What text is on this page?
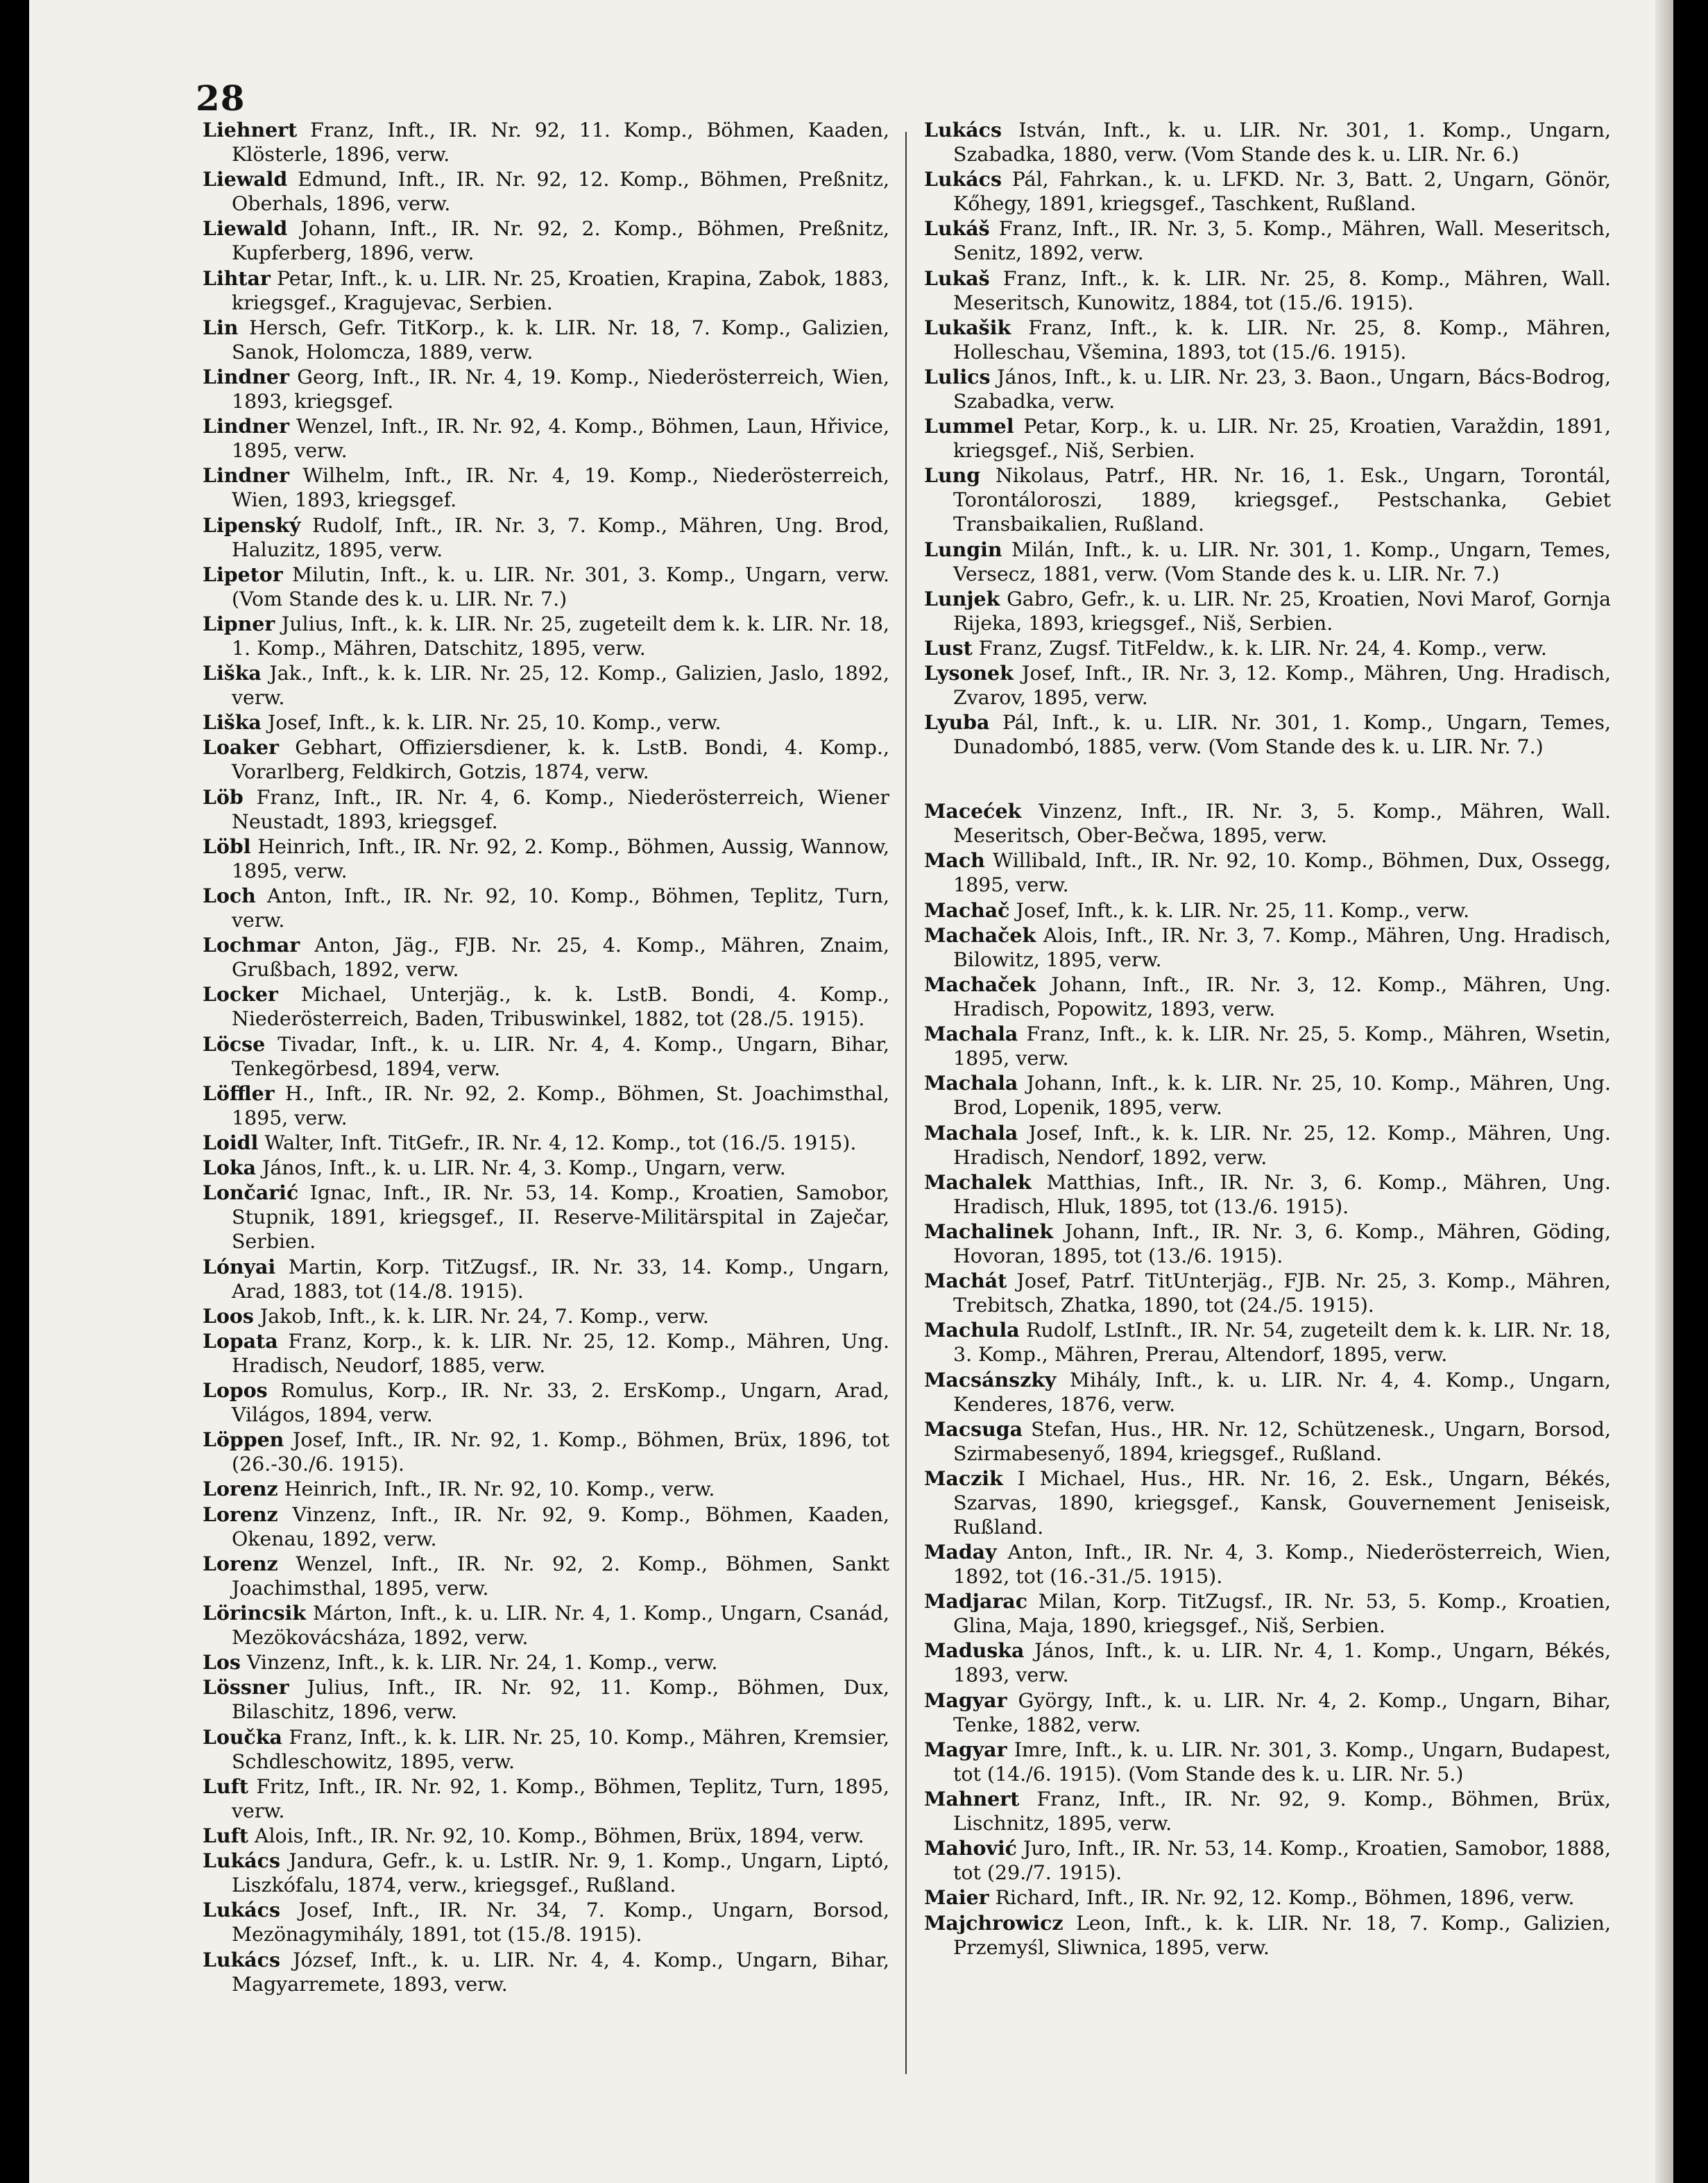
28

Liehnert Franz, Inft., IR. Nr. 92, 11. Komp., Böhmen, Kaaden, Klösterle, 1896, verw.

Liewald Edmund, Inft., IR. Nr. 92, 12. Komp., Böhmen, Preßnitz, Oberhals, 1896, verw.

Liewald Johann, Inft., IR. Nr. 92, 2. Komp., Böhmen, Preßnitz, Kupferberg, 1896, verw.

Lihtar Petar, Inft., k. u. LIR. Nr. 25, Kroatien, Krapina, Zabok, 1883, kriegsgef., Kragujevac, Serbien.

Lin Hersch, Gefr. TitKorp., k. k. LIR. Nr. 18, 7. Komp., Galizien, Sanok, Holomcza, 1889, verw.

Lindner Georg, Inft., IR. Nr. 4, 19. Komp., Niederösterreich, Wien, 1893, kriegsgef.

Lindner Wenzel, Inft., IR. Nr. 92, 4. Komp., Böhmen, Laun, Hřivice, 1895, verw.

Lindner Wilhelm, Inft., IR. Nr. 4, 19. Komp., Niederösterreich, Wien, 1893, kriegsgef.

Lipenský Rudolf, Inft., IR. Nr. 3, 7. Komp., Mähren, Ung. Brod, Haluzitz, 1895, verw.

Lipetor Milutin, Inft., k. u. LIR. Nr. 301, 3. Komp., Ungarn, verw. (Vom Stande des k. u. LIR. Nr. 7.)

Lipner Julius, Inft., k. k. LIR. Nr. 25, zugeteilt dem k. k. LIR. Nr. 18, 1. Komp., Mähren, Datschitz, 1895, verw.

Liška Jak., Inft., k. k. LIR. Nr. 25, 12. Komp., Galizien, Jaslo, 1892, verw.

Liška Josef, Inft., k. k. LIR. Nr. 25, 10. Komp., verw.

Loaker Gebhart, Offiziersdiener, k. k. LstB. Bondi, 4. Komp., Vorarlberg, Feldkirch, Gotzis, 1874, verw.

Löb Franz, Inft., IR. Nr. 4, 6. Komp., Niederösterreich, Wiener Neustadt, 1893, kriegsgef.

Löbl Heinrich, Inft., IR. Nr. 92, 2. Komp., Böhmen, Aussig, Wannow, 1895, verw.

Loch Anton, Inft., IR. Nr. 92, 10. Komp., Böhmen, Teplitz, Turn, verw.

Lochmar Anton, Jäg., FJB. Nr. 25, 4. Komp., Mähren, Znaim, Grußbach, 1892, verw.

Locker Michael, Unterjäg., k. k. LstB. Bondi, 4. Komp., Niederösterreich, Baden, Tribuswinkel, 1882, tot (28./5. 1915).

Löcse Tivadar, Inft., k. u. LIR. Nr. 4, 4. Komp., Ungarn, Bihar, Tenkegörbesd, 1894, verw.

Löffler H., Inft., IR. Nr. 92, 2. Komp., Böhmen, St. Joachimsthal, 1895, verw.

Loidl Walter, Inft. TitGefr., IR. Nr. 4, 12. Komp., tot (16./5. 1915).

Loka János, Inft., k. u. LIR. Nr. 4, 3. Komp., Ungarn, verw.

Lončarić Ignac, Inft., IR. Nr. 53, 14. Komp., Kroatien, Samobor, Stupnik, 1891, kriegsgef., II. Reserve-Militärspital in Zaječar, Serbien.

Lónyai Martin, Korp. TitZugsf., IR. Nr. 33, 14. Komp., Ungarn, Arad, 1883, tot (14./8. 1915).

Loos Jakob, Inft., k. k. LIR. Nr. 24, 7. Komp., verw.

Lopata Franz, Korp., k. k. LIR. Nr. 25, 12. Komp., Mähren, Ung. Hradisch, Neudorf, 1885, verw.

Lopos Romulus, Korp., IR. Nr. 33, 2. ErsKomp., Ungarn, Arad, Világos, 1894, verw.

Löppen Josef, Inft., IR. Nr. 92, 1. Komp., Böhmen, Brüx, 1896, tot (26.-30./6. 1915).

Lorenz Heinrich, Inft., IR. Nr. 92, 10. Komp., verw.

Lorenz Vinzenz, Inft., IR. Nr. 92, 9. Komp., Böhmen, Kaaden, Okenau, 1892, verw.

Lorenz Wenzel, Inft., IR. Nr. 92, 2. Komp., Böhmen, Sankt Joachimsthal, 1895, verw.

Lörincsik Márton, Inft., k. u. LIR. Nr. 4, 1. Komp., Ungarn, Csanád, Mezökovácsháza, 1892, verw.

Los Vinzenz, Inft., k. k. LIR. Nr. 24, 1. Komp., verw.

Lössner Julius, Inft., IR. Nr. 92, 11. Komp., Böhmen, Dux, Bilaschitz, 1896, verw.

Loučka Franz, Inft., k. k. LIR. Nr. 25, 10. Komp., Mähren, Kremsier, Schdleschowitz, 1895, verw.

Luft Fritz, Inft., IR. Nr. 92, 1. Komp., Böhmen, Teplitz, Turn, 1895, verw.

Luft Alois, Inft., IR. Nr. 92, 10. Komp., Böhmen, Brüx, 1894, verw.

Lukács Jandura, Gefr., k. u. LstIR. Nr. 9, 1. Komp., Ungarn, Liptó, Liszkófalu, 1874, verw., kriegsgef., Rußland.

Lukács Josef, Inft., IR. Nr. 34, 7. Komp., Ungarn, Borsod, Mezönagymihály, 1891, tot (15./8. 1915).

Lukács József, Inft., k. u. LIR. Nr. 4, 4. Komp., Ungarn, Bihar, Magyarremete, 1893, verw.

Lukács István, Inft., k. u. LIR. Nr. 301, 1. Komp., Ungarn, Szabadka, 1880, verw. (Vom Stande des k. u. LIR. Nr. 6.)

Lukács Pál, Fahrkan., k. u. LFKD. Nr. 3, Batt. 2, Ungarn, Gönör, Kőhegy, 1891, kriegsgef., Taschkent, Rußland.

Lukáš Franz, Inft., IR. Nr. 3, 5. Komp., Mähren, Wall. Meseritsch, Senitz, 1892, verw.

Lukaš Franz, Inft., k. k. LIR. Nr. 25, 8. Komp., Mähren, Wall. Meseritsch, Kunowitz, 1884, tot (15./6. 1915).

Lukašik Franz, Inft., k. k. LIR. Nr. 25, 8. Komp., Mähren, Holleschau, Všemina, 1893, tot (15./6. 1915).

Lulics János, Inft., k. u. LIR. Nr. 23, 3. Baon., Ungarn, Bács-Bodrog, Szabadka, verw.

Lummel Petar, Korp., k. u. LIR. Nr. 25, Kroatien, Varaždin, 1891, kriegsgef., Niš, Serbien.

Lung Nikolaus, Patrf., HR. Nr. 16, 1. Esk., Ungarn, Torontál, Torontáloroszi, 1889, kriegsgef., Pestschanka, Gebiet Transbaikalien, Rußland.

Lungin Milán, Inft., k. u. LIR. Nr. 301, 1. Komp., Ungarn, Temes, Versecz, 1881, verw. (Vom Stande des k. u. LIR. Nr. 7.)

Lunjek Gabro, Gefr., k. u. LIR. Nr. 25, Kroatien, Novi Marof, Gornja Rijeka, 1893, kriegsgef., Niš, Serbien.

Lust Franz, Zugsf. TitFeldw., k. k. LIR. Nr. 24, 4. Komp., verw.

Lysonek Josef, Inft., IR. Nr. 3, 12. Komp., Mähren, Ung. Hradisch, Zvarov, 1895, verw.

Lyuba Pál, Inft., k. u. LIR. Nr. 301, 1. Komp., Ungarn, Temes, Dunadombó, 1885, verw. (Vom Stande des k. u. LIR. Nr. 7.)

Macećek Vinzenz, Inft., IR. Nr. 3, 5. Komp., Mähren, Wall. Meseritsch, Ober-Bečwa, 1895, verw.

Mach Willibald, Inft., IR. Nr. 92, 10. Komp., Böhmen, Dux, Ossegg, 1895, verw.

Machač Josef, Inft., k. k. LIR. Nr. 25, 11. Komp., verw.

Machaček Alois, Inft., IR. Nr. 3, 7. Komp., Mähren, Ung. Hradisch, Bilowitz, 1895, verw.

Machaček Johann, Inft., IR. Nr. 3, 12. Komp., Mähren, Ung. Hradisch, Popowitz, 1893, verw.

Machala Franz, Inft., k. k. LIR. Nr. 25, 5. Komp., Mähren, Wsetin, 1895, verw.

Machala Johann, Inft., k. k. LIR. Nr. 25, 10. Komp., Mähren, Ung. Brod, Lopenik, 1895, verw.

Machala Josef, Inft., k. k. LIR. Nr. 25, 12. Komp., Mähren, Ung. Hradisch, Nendorf, 1892, verw.

Machalek Matthias, Inft., IR. Nr. 3, 6. Komp., Mähren, Ung. Hradisch, Hluk, 1895, tot (13./6. 1915).

Machalinek Johann, Inft., IR. Nr. 3, 6. Komp., Mähren, Göding, Hovoran, 1895, tot (13./6. 1915).

Machát Josef, Patrf. TitUnterjäg., FJB. Nr. 25, 3. Komp., Mähren, Trebitsch, Zhatka, 1890, tot (24./5. 1915).

Machula Rudolf, LstInft., IR. Nr. 54, zugeteilt dem k. k. LIR. Nr. 18, 3. Komp., Mähren, Prerau, Altendorf, 1895, verw.

Macsánszky Mihály, Inft., k. u. LIR. Nr. 4, 4. Komp., Ungarn, Kenderes, 1876, verw.

Macsuga Stefan, Hus., HR. Nr. 12, Schützenesk., Ungarn, Borsod, Szirmabesenyő, 1894, kriegsgef., Rußland.

Maczik I Michael, Hus., HR. Nr. 16, 2. Esk., Ungarn, Békés, Szarvas, 1890, kriegsgef., Kansk, Gouvernement Jeniseisk, Rußland.

Maday Anton, Inft., IR. Nr. 4, 3. Komp., Niederösterreich, Wien, 1892, tot (16.-31./5. 1915).

Madjarac Milan, Korp. TitZugsf., IR. Nr. 53, 5. Komp., Kroatien, Glina, Maja, 1890, kriegsgef., Niš, Serbien.

Maduska János, Inft., k. u. LIR. Nr. 4, 1. Komp., Ungarn, Békés, 1893, verw.

Magyar György, Inft., k. u. LIR. Nr. 4, 2. Komp., Ungarn, Bihar, Tenke, 1882, verw.

Magyar Imre, Inft., k. u. LIR. Nr. 301, 3. Komp., Ungarn, Budapest, tot (14./6. 1915). (Vom Stande des k. u. LIR. Nr. 5.)

Mahnert Franz, Inft., IR. Nr. 92, 9. Komp., Böhmen, Brüx, Lischnitz, 1895, verw.

Mahović Juro, Inft., IR. Nr. 53, 14. Komp., Kroatien, Samobor, 1888, tot (29./7. 1915).

Maier Richard, Inft., IR. Nr. 92, 12. Komp., Böhmen, 1896, verw.

Majchrowicz Leon, Inft., k. k. LIR. Nr. 18, 7. Komp., Galizien, Przemyśl, Sliwnica, 1895, verw.
